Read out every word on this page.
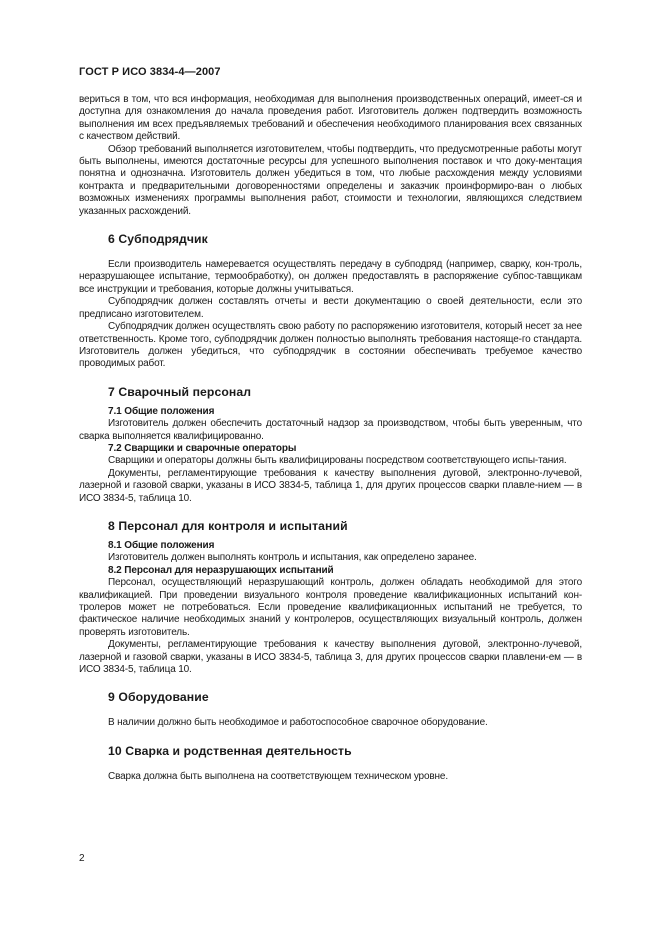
ГОСТ Р ИСО 3834-4—2007

вериться в том, что вся информация, необходимая для выполнения производственных операций, имеет-ся и доступна для ознакомления до начала проведения работ. Изготовитель должен подтвердить возможность выполнения им всех предъявляемых требований и обеспечения необходимого планирования всех связанных с качеством действий.

Обзор требований выполняется изготовителем, чтобы подтвердить, что предусмотренные работы могут быть выполнены, имеются достаточные ресурсы для успешного выполнения поставок и что доку-ментация понятна и однозначна. Изготовитель должен убедиться в том, что любые расхождения между условиями контракта и предварительными договоренностями определены и заказчик проинформиро-ван о любых возможных изменениях программы выполнения работ, стоимости и технологии, являющихся следствием указанных расхождений.

6 Субподрядчик

Если производитель намеревается осуществлять передачу в субподряд (например, сварку, кон-троль, неразрушающее испытание, термообработку), он должен предоставлять в распоряжение субпос-тавщикам все инструкции и требования, которые должны учитываться.

Субподрядчик должен составлять отчеты и вести документацию о своей деятельности, если это предписано изготовителем.

Субподрядчик должен осуществлять свою работу по распоряжению изготовителя, который несет за нее ответственность. Кроме того, субподрядчик должен полностью выполнять требования настояще-го стандарта. Изготовитель должен убедиться, что субподрядчик в состоянии обеспечивать требуемое качество проводимых работ.

7 Сварочный персонал
7.1 Общие положения

Изготовитель должен обеспечить достаточный надзор за производством, чтобы быть уверенным, что сварка выполняется квалифицированно.

7.2 Сварщики и сварочные операторы

Сварщики и операторы должны быть квалифицированы посредством соответствующего испы-тания.

Документы, регламентирующие требования к качеству выполнения дуговой, электронно-лучевой, лазерной и газовой сварки, указаны в ИСО 3834-5, таблица 1, для других процессов сварки плавле-нием — в ИСО 3834-5, таблица 10.

8 Персонал для контроля и испытаний
8.1 Общие положения

Изготовитель должен выполнять контроль и испытания, как определено заранее.

8.2 Персонал для неразрушающих испытаний

Персонал, осуществляющий неразрушающий контроль, должен обладать необходимой для этого квалификацией. При проведении визуального контроля проведение квалификационных испытаний кон-тролеров может не потребоваться. Если проведение квалификационных испытаний не требуется, то фактическое наличие необходимых знаний у контролеров, осуществляющих визуальный контроль, должен проверять изготовитель.

Документы, регламентирующие требования к качеству выполнения дуговой, электронно-лучевой, лазерной и газовой сварки, указаны в ИСО 3834-5, таблица 3, для других процессов сварки плавлени-ем — в ИСО 3834-5, таблица 10.

9 Оборудование

В наличии должно быть необходимое и работоспособное сварочное оборудование.

10 Сварка и родственная деятельность

Сварка должна быть выполнена на соответствующем техническом уровне.

2
